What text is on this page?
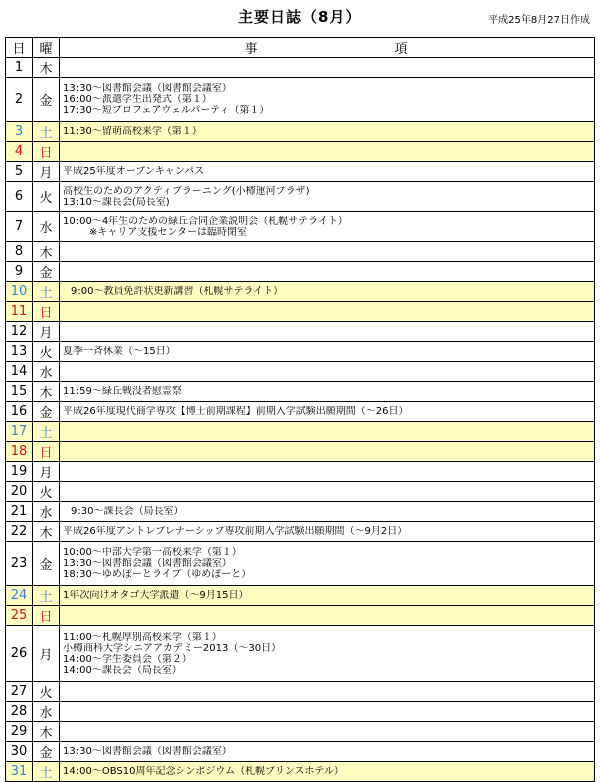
主要日誌（8月）	平成25年8月27日作成
日	曜	事　　　　　　　　　項
1	木	
2	金	13:30～図書館会議（図書館会議室）
16:00～派遣学生出発式（第１）
17:30～短プロフェアウェルパーティ（第１）

3	土	11:30～留萌高校来学（第１）

4	日	
5	月	平成25年度オープンキャンパス

6	火	高校生のためのアクティブラーニング(小樽運河プラザ)
13:10～課長会(局長室)

7	水	10:00～4年生のための緑丘合同企業説明会（札幌サテライト）
※キャリア支援センターは臨時閉室

8	木	
9	金	
10	土	9:00～教員免許状更新講習（札幌サテライト）

11	日	
12	月	
13	火	夏季一斉休業（～15日）

14	水	
15	木	11:59～緑丘戦没者慰霊祭

16	金	平成26年度現代商学専攻【博士前期課程】前期入学試験出願期間（～26日）

17	土	
18	日	
19	月	
20	火	
21	水	9:30～課長会（局長室）

22	木	平成26年度アントレプレナーシップ専攻前期入学試験出願期間（～9月2日）

23	金	10:00～中部大学第一高校来学（第１）
13:30～図書館会議（図書館会議室）
18:30～ゆめぽーとライブ（ゆめぽーと）

24	土	1年次向けオタゴ大学派遣（～9月15日）

25	日	
26	月	11:00～札幌厚別高校来学（第１）
小樽商科大学シニアアカデミー2013（～30日）
14:00～学生委員会（第２）
14:00～課長会（局長室）

27	火	
28	水	
29	木	
30	金	13:30～図書館会議（図書館会議室）

31	土	14:00～OBS10周年記念シンポジウム（札幌プリンスホテル）
